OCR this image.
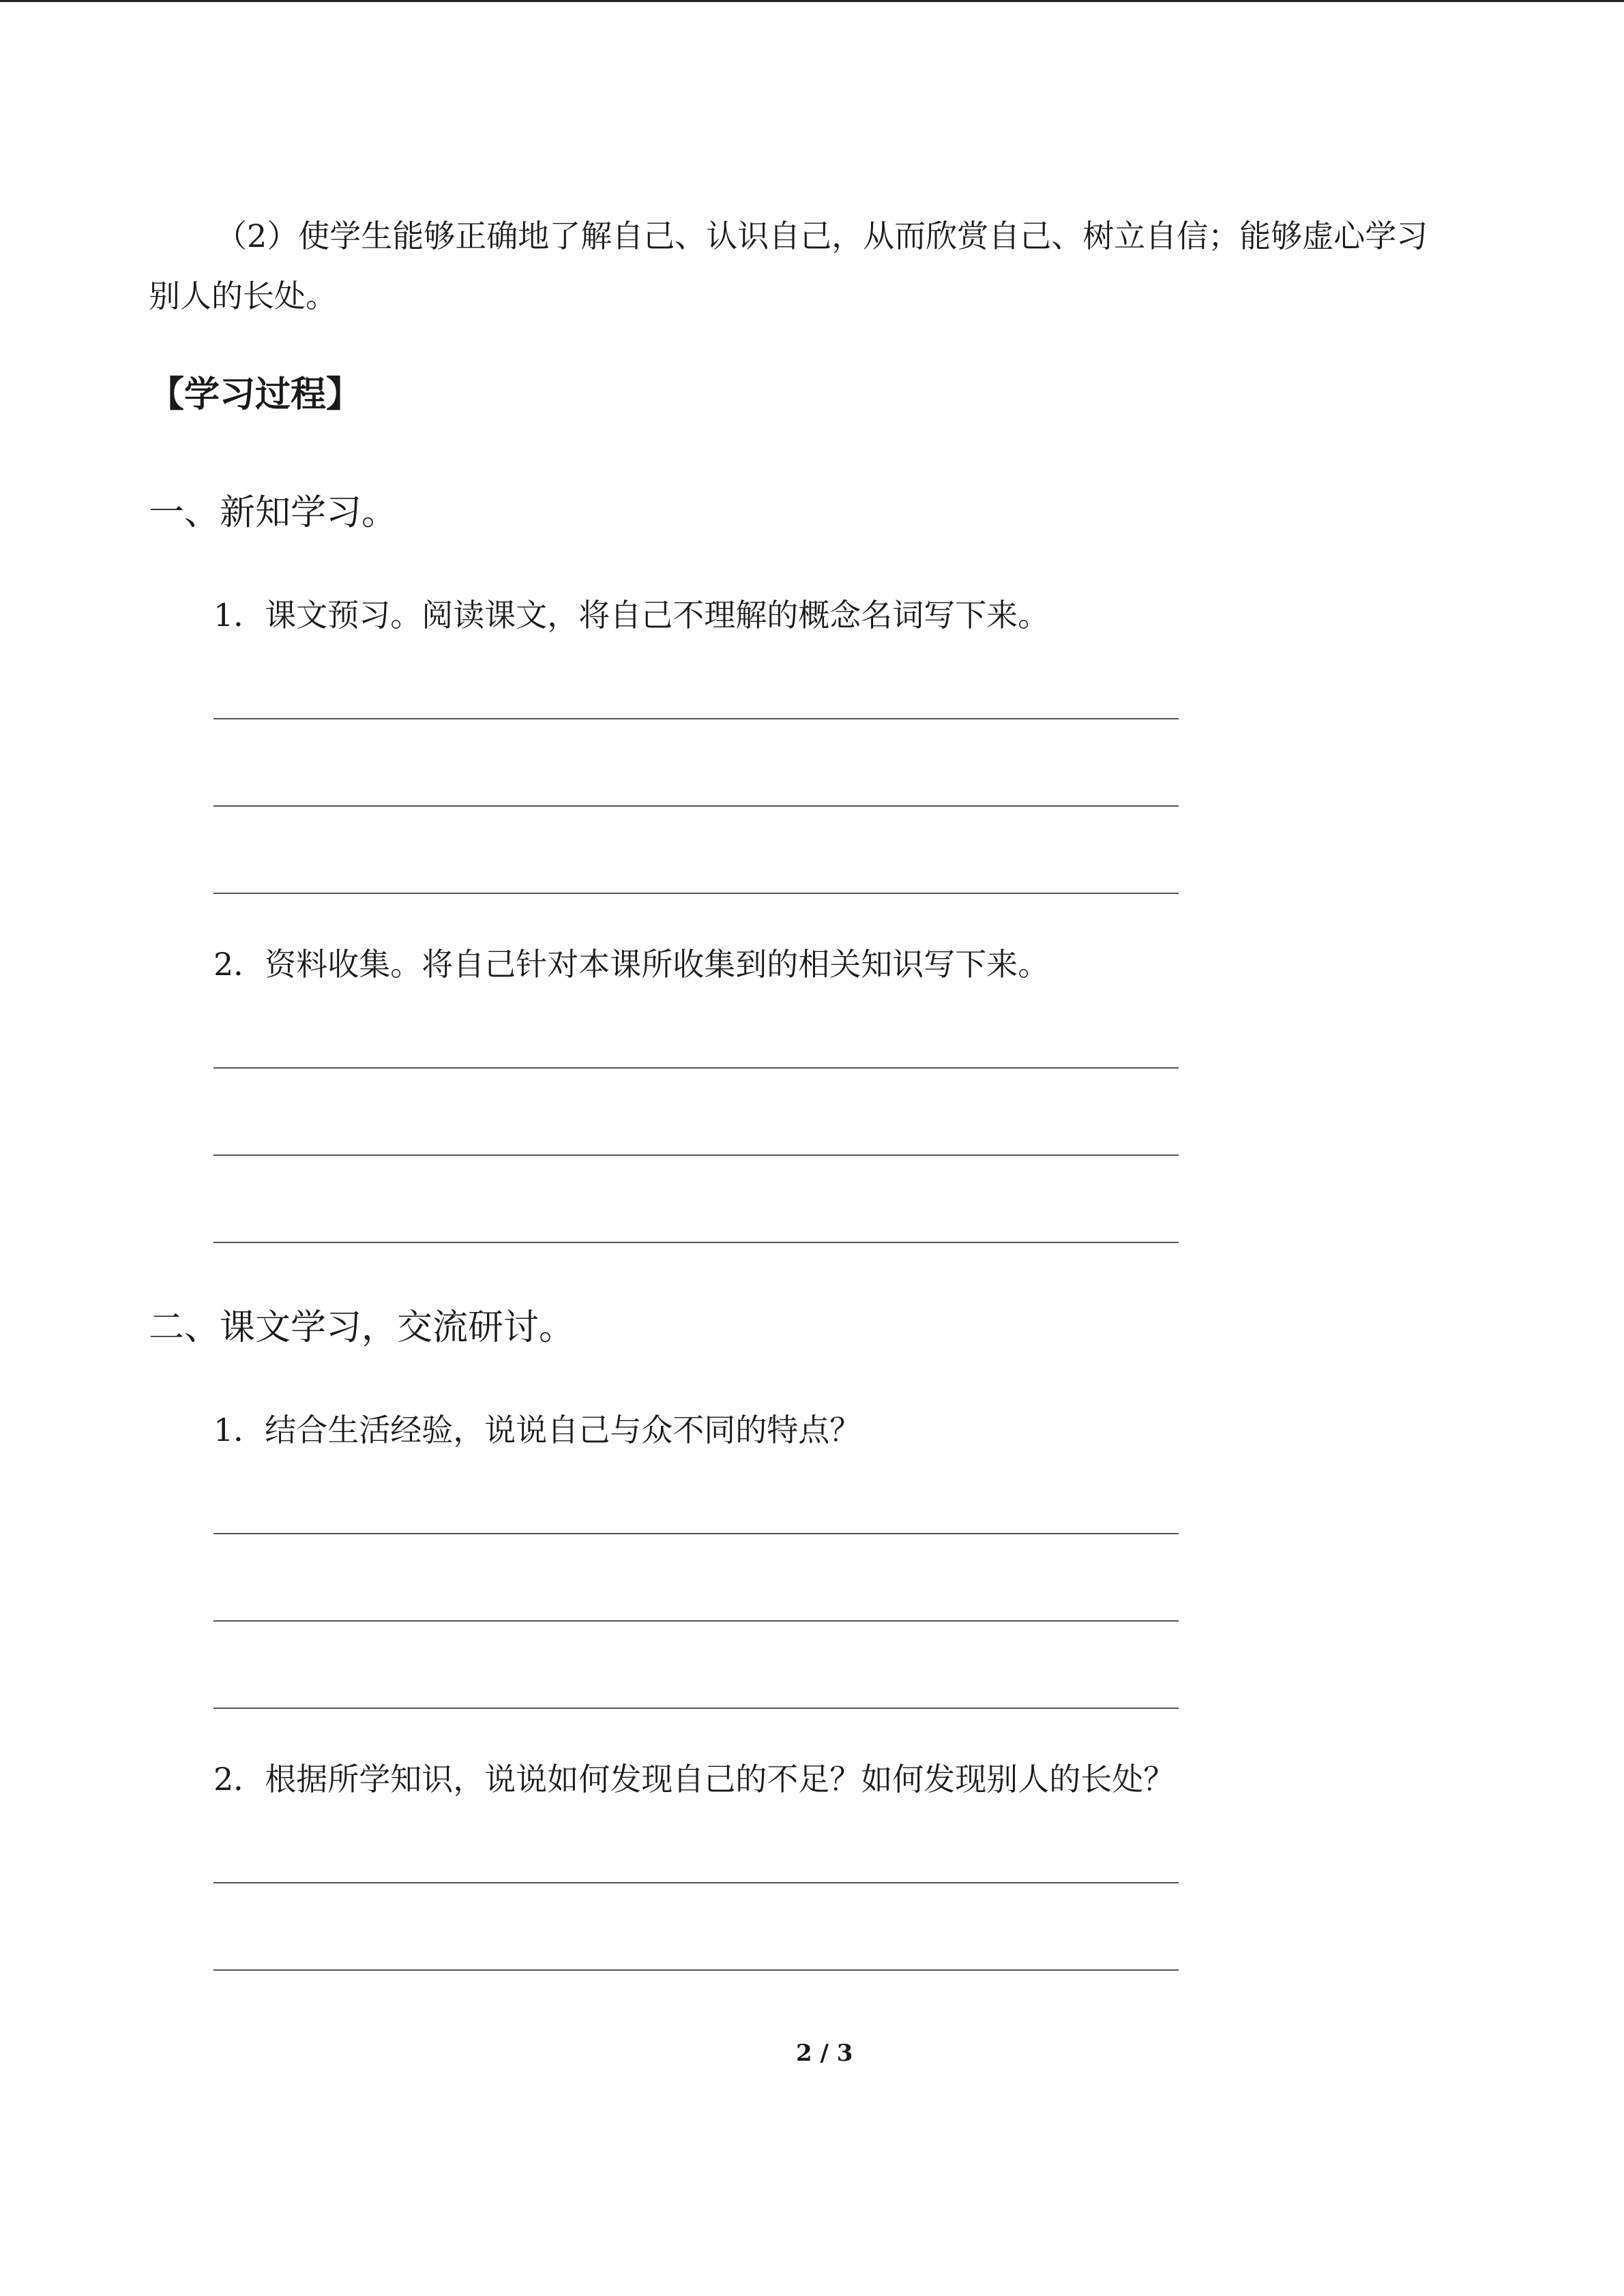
（2）使学生能够正确地了解自己、认识自己，从而欣赏自己、树立自信；能够虚心学习
别人的长处。
【学习过程】
一、新知学习。
1．课文预习。阅读课文，将自己不理解的概念名词写下来。
2．资料收集。将自己针对本课所收集到的相关知识写下来。
二、课文学习，交流研讨。
1．结合生活经验，说说自己与众不同的特点？
2．根据所学知识，说说如何发现自己的不足？如何发现别人的长处？
2 / 3
